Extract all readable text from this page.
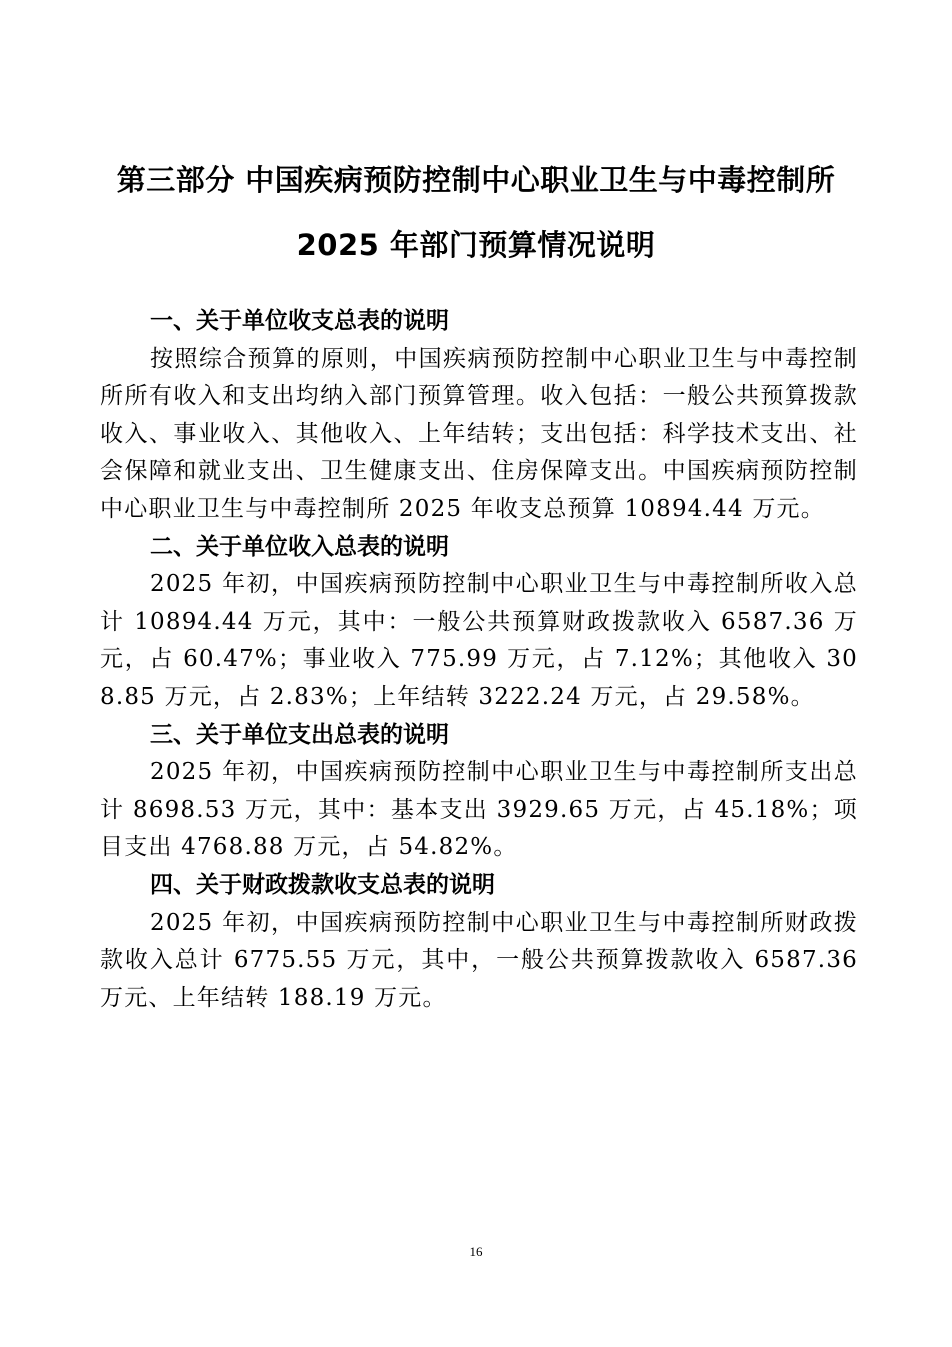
第三部分 中国疾病预防控制中心职业卫生与中毒控制所
2025 年部门预算情况说明

一、关于单位收支总表的说明

按照综合预算的原则，中国疾病预防控制中心职业卫生与中毒控制所所有收入和支出均纳入部门预算管理。收入包括：一般公共预算拨款收入、事业收入、其他收入、上年结转；支出包括：科学技术支出、社会保障和就业支出、卫生健康支出、住房保障支出。中国疾病预防控制中心职业卫生与中毒控制所 2025 年收支总预算 10894.44 万元。

二、关于单位收入总表的说明

2025 年初，中国疾病预防控制中心职业卫生与中毒控制所收入总计 10894.44 万元，其中：一般公共预算财政拨款收入 6587.36 万元，占 60.47%；事业收入 775.99 万元，占 7.12%；其他收入 308.85 万元，占 2.83%；上年结转 3222.24 万元，占 29.58%。

三、关于单位支出总表的说明

2025 年初，中国疾病预防控制中心职业卫生与中毒控制所支出总计 8698.53 万元，其中：基本支出 3929.65 万元，占 45.18%；项目支出 4768.88 万元，占 54.82%。

四、关于财政拨款收支总表的说明

2025 年初，中国疾病预防控制中心职业卫生与中毒控制所财政拨款收入总计 6775.55 万元，其中，一般公共预算拨款收入 6587.36 万元、上年结转 188.19 万元。

16
